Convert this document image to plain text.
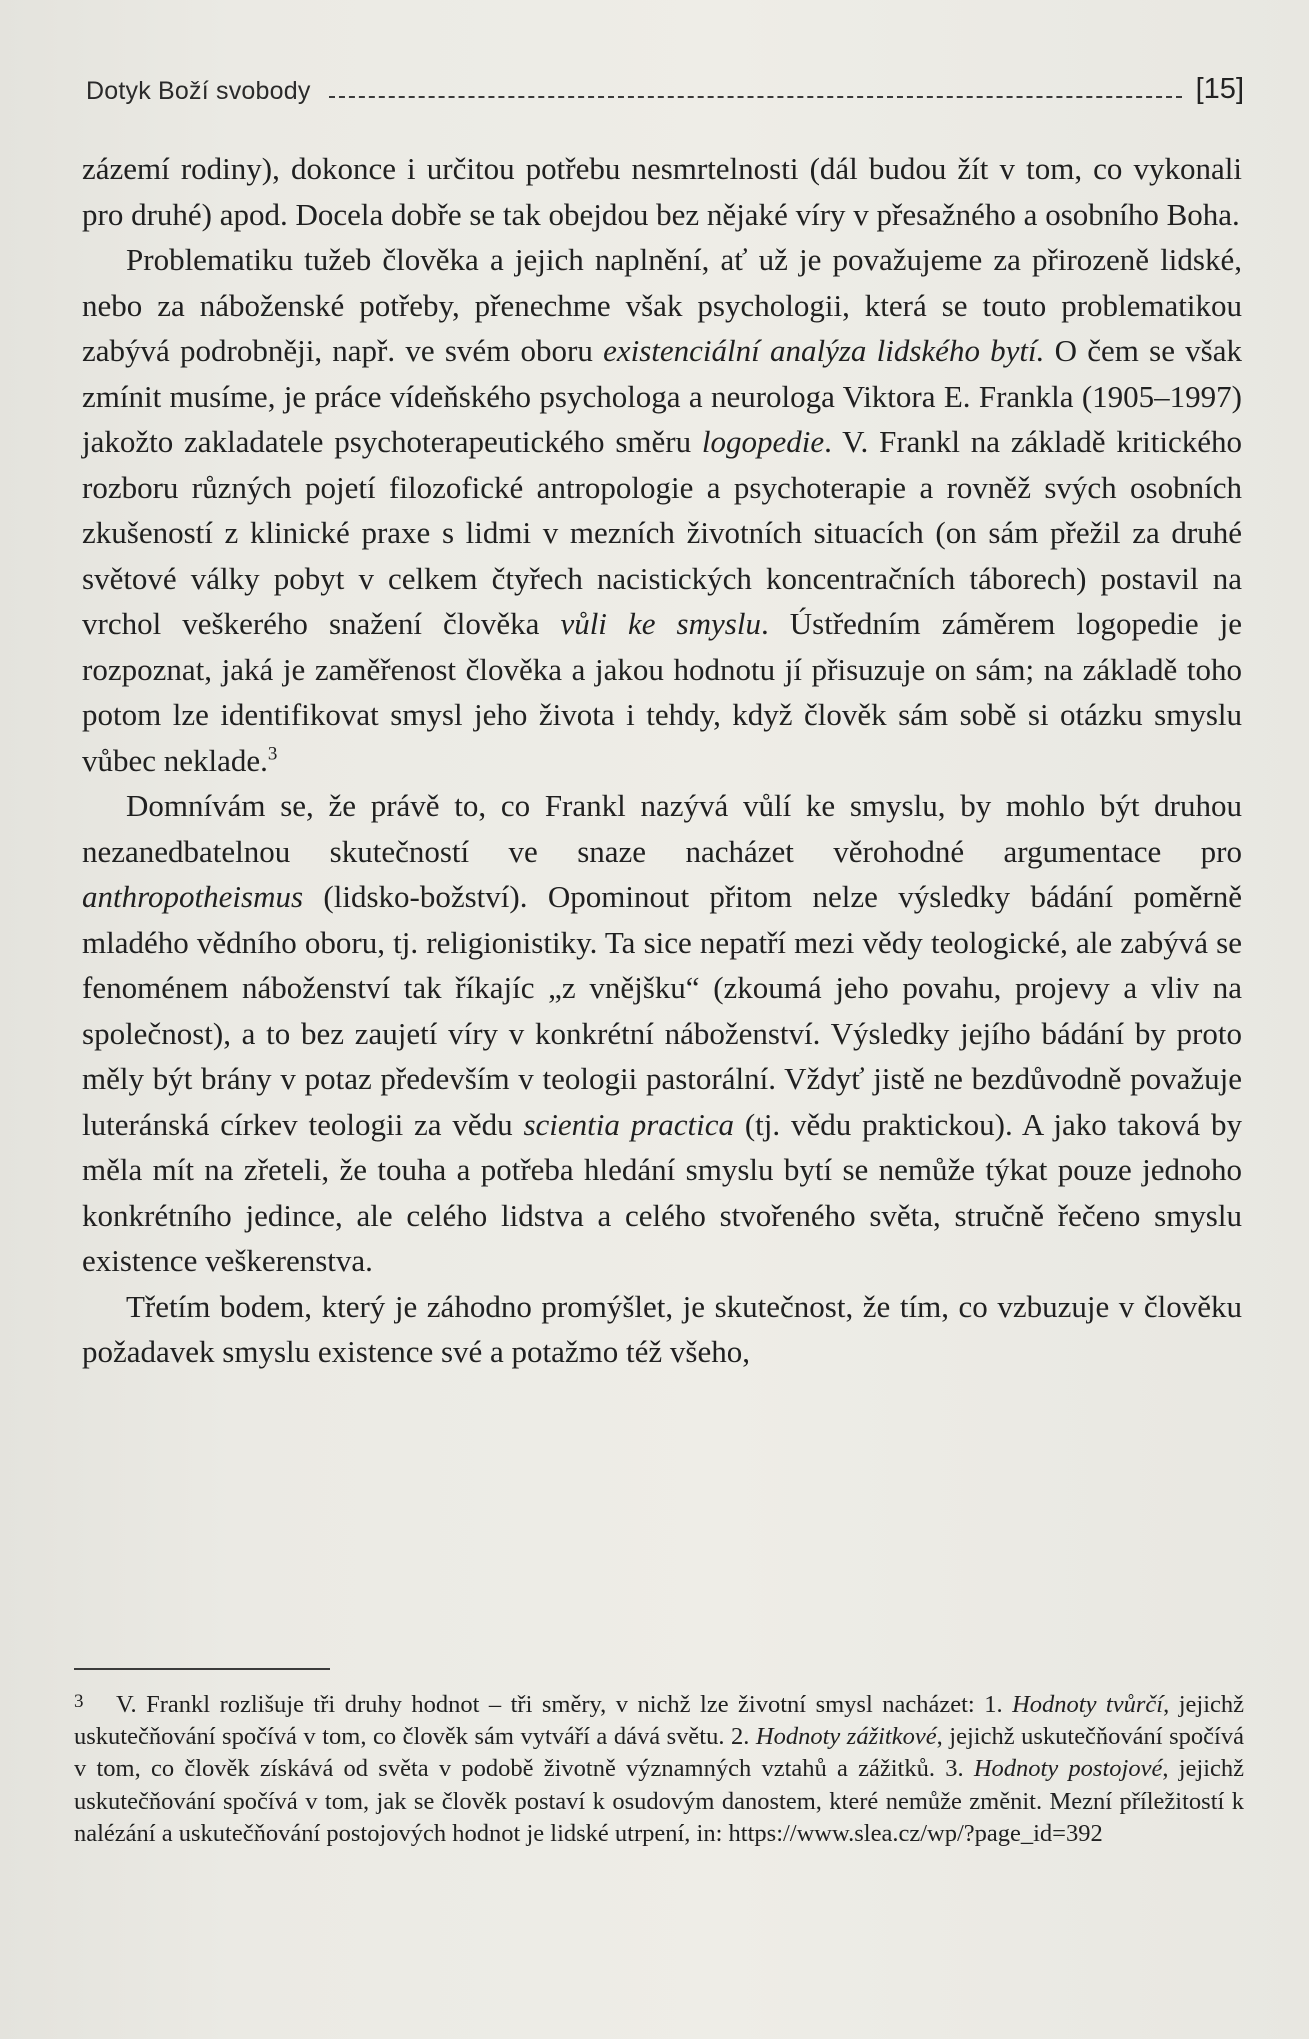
Dotyk Boží svobody	[15]

zázemí rodiny), dokonce i určitou potřebu nesmrtelnosti (dál budou žít v tom, co vykonali pro druhé) apod. Docela dobře se tak obejdou bez nějaké víry v přesažného a osobního Boha.

Problematiku tužeb člověka a jejich naplnění, ať už je považujeme za přirozeně lidské, nebo za náboženské potřeby, přenechme však psychologii, která se touto problematikou zabývá podrobněji, např. ve svém oboru existenciální analýza lidského bytí. O čem se však zmínit musíme, je práce vídeňského psychologa a neurologa Viktora E. Frankla (1905–1997) jakožto zakladatele psychoterapeutického směru logopedie. V. Frankl na základě kritického rozboru různých pojetí filozofické antropologie a psychoterapie a rovněž svých osobních zkušeností z klinické praxe s lidmi v mezních životních situacích (on sám přežil za druhé světové války pobyt v celkem čtyřech nacistických koncentračních táborech) postavil na vrchol veškerého snažení člověka vůli ke smyslu. Ústředním záměrem logopedie je rozpoznat, jaká je zaměřenost člověka a jakou hodnotu jí přisuzuje on sám; na základě toho potom lze identifikovat smysl jeho života i tehdy, když člověk sám sobě si otázku smyslu vůbec neklade.$^3$

Domnívám se, že právě to, co Frankl nazývá vůlí ke smyslu, by mohlo být druhou nezanedbatelnou skutečností ve snaze nacházet věrohodné argumentace pro anthropotheismus (lidsko-božství). Opominout přitom nelze výsledky bádání poměrně mladého vědního oboru, tj. religionistiky. Ta sice nepatří mezi vědy teologické, ale zabývá se fenoménem náboženství tak říkajíc „z vnějšku“ (zkoumá jeho povahu, projevy a vliv na společnost), a to bez zaujetí víry v konkrétní náboženství. Výsledky jejího bádání by proto měly být brány v potaz především v teologii pastorální. Vždyť jistě ne bezdůvodně považuje luteránská církev teologii za vědu scientia practica (tj. vědu praktickou). A jako taková by měla mít na zřeteli, že touha a potřeba hledání smyslu bytí se nemůže týkat pouze jednoho konkrétního jedince, ale celého lidstva a celého stvořeného světa, stručně řečeno smyslu existence veškerenstva.

Třetím bodem, který je záhodno promýšlet, je skutečnost, že tím, co vzbuzuje v člověku požadavek smyslu existence své a potažmo též všeho,

3 V. Frankl rozlišuje tři druhy hodnot – tři směry, v nichž lze životní smysl nacházet: 1. Hodnoty tvůrčí, jejichž uskutečňování spočívá v tom, co člověk sám vytváří a dává světu. 2. Hodnoty zážitkové, jejichž uskutečňování spočívá v tom, co člověk získává od světa v podobě životně významných vztahů a zážitků. 3. Hodnoty postojové, jejichž uskutečňování spočívá v tom, jak se člověk postaví k osudovým danostem, které nemůže změnit. Mezní příležitostí k nalézání a uskutečňování postojových hodnot je lidské utrpení, in: https://www.slea.cz/wp/?page_id=392
